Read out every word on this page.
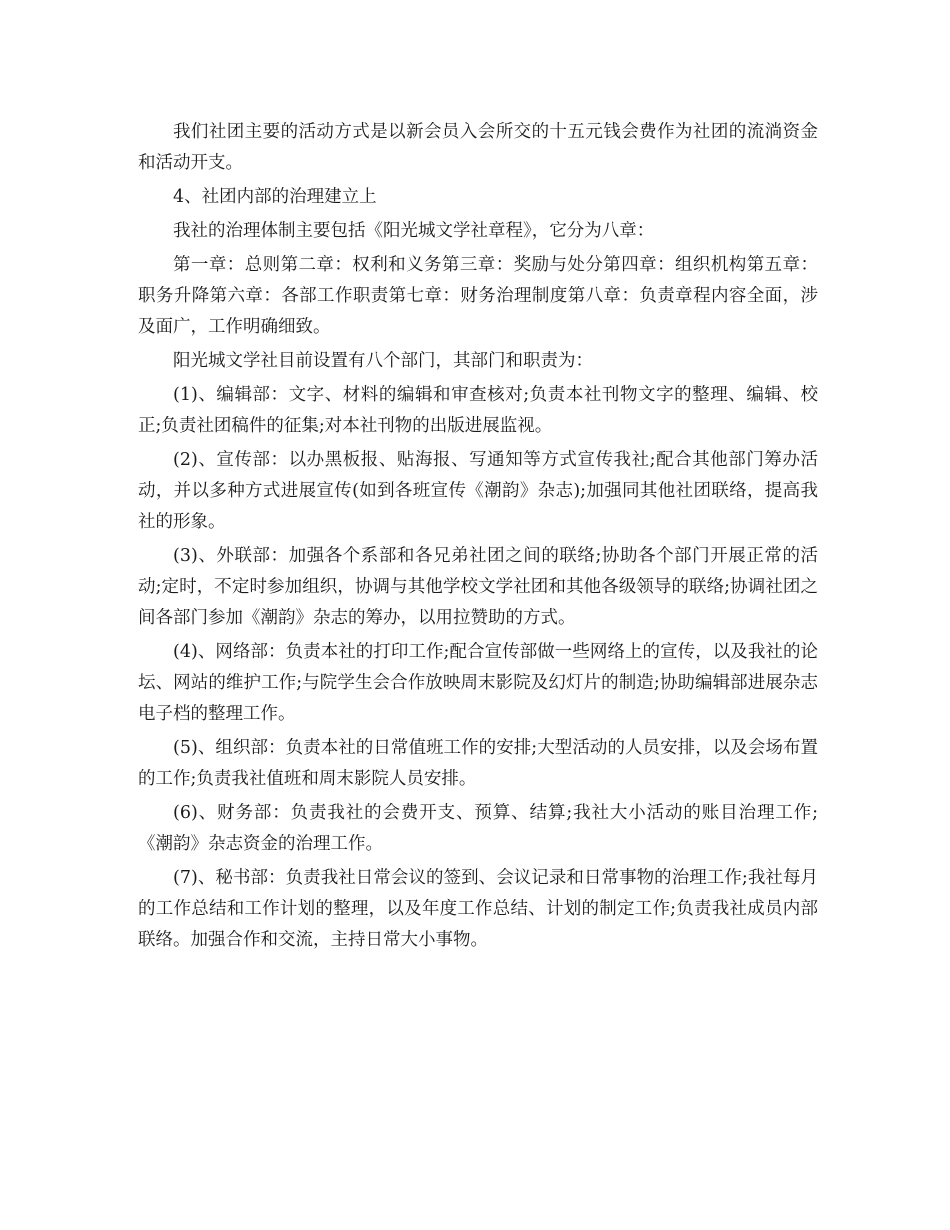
我们社团主要的活动方式是以新会员入会所交的十五元钱会费作为社团的流淌资金和活动开支。

4、社团内部的治理建立上

我社的治理体制主要包括《阳光城文学社章程》，它分为八章：

第一章：总则第二章：权利和义务第三章：奖励与处分第四章：组织机构第五章：职务升降第六章：各部工作职责第七章：财务治理制度第八章：负责章程内容全面，涉及面广，工作明确细致。

阳光城文学社目前设置有八个部门，其部门和职责为：

(1)、编辑部：文字、材料的编辑和审查核对;负责本社刊物文字的整理、编辑、校正;负责社团稿件的征集;对本社刊物的出版进展监视。

(2)、宣传部：以办黑板报、贴海报、写通知等方式宣传我社;配合其他部门筹办活动，并以多种方式进展宣传(如到各班宣传《潮韵》杂志);加强同其他社团联络，提高我社的形象。

(3)、外联部：加强各个系部和各兄弟社团之间的联络;协助各个部门开展正常的活动;定时，不定时参加组织，协调与其他学校文学社团和其他各级领导的联络;协调社团之间各部门参加《潮韵》杂志的筹办，以用拉赞助的方式。

(4)、网络部：负责本社的打印工作;配合宣传部做一些网络上的宣传，以及我社的论坛、网站的维护工作;与院学生会合作放映周末影院及幻灯片的制造;协助编辑部进展杂志电子档的整理工作。

(5)、组织部：负责本社的日常值班工作的安排;大型活动的人员安排，以及会场布置的工作;负责我社值班和周末影院人员安排。

(6)、财务部：负责我社的会费开支、预算、结算;我社大小活动的账目治理工作;《潮韵》杂志资金的治理工作。

(7)、秘书部：负责我社日常会议的签到、会议记录和日常事物的治理工作;我社每月的工作总结和工作计划的整理，以及年度工作总结、计划的制定工作;负责我社成员内部联络。加强合作和交流，主持日常大小事物。
